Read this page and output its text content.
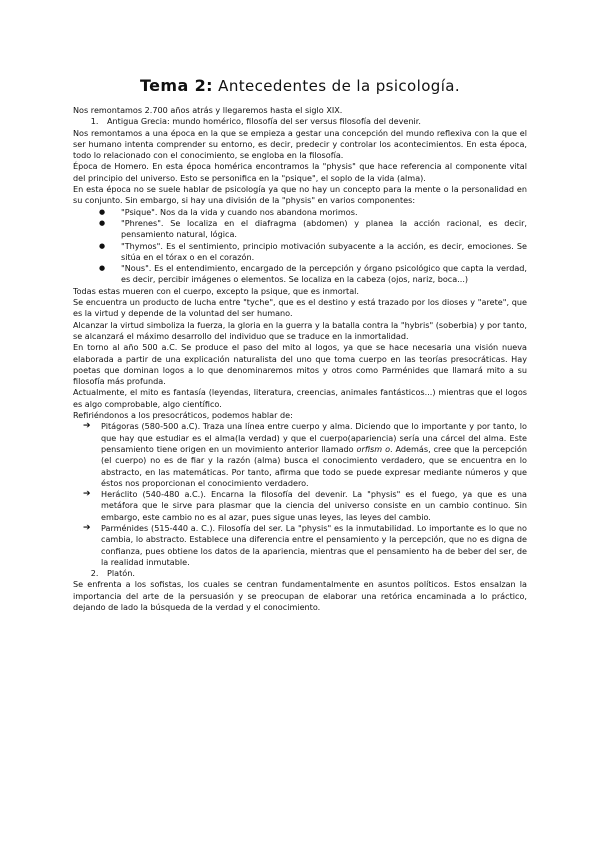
Tema 2: Antecedentes de la psicología.

Nos remontamos 2.700 años atrás y llegaremos hasta el siglo XIX.

1. Antigua Grecia: mundo homérico, filosofía del ser versus filosofía del devenir.

Nos remontamos a una época en la que se empieza a gestar una concepción del mundo reflexiva con la que el ser humano intenta comprender su entorno, es decir, predecir y controlar los acontecimientos. En esta época, todo lo relacionado con el conocimiento, se engloba en la filosofía.

Época de Homero. En esta época homérica encontramos la "physis" que hace referencia al componente vital del principio del universo. Esto se personifica en la "psique", el soplo de la vida (alma).

En esta época no se suele hablar de psicología ya que no hay un concepto para la mente o la personalidad en su conjunto. Sin embargo, si hay una división de la "physis" en varios componentes:

● "Psique". Nos da la vida y cuando nos abandona morimos.
● "Phrenes". Se localiza en el diafragma (abdomen) y planea la acción racional, es decir, pensamiento natural, lógica.
● "Thymos". Es el sentimiento, principio motivación subyacente a la acción, es decir, emociones. Se sitúa en el tórax o en el corazón.
● "Nous". Es el entendimiento, encargado de la percepción y órgano psicológico que capta la verdad, es decir, percibir imágenes o elementos. Se localiza en la cabeza (ojos, nariz, boca...)

Todas estas mueren con el cuerpo, excepto la psique, que es inmortal.

Se encuentra un producto de lucha entre "tyche", que es el destino y está trazado por los dioses y "arete", que es la virtud y depende de la voluntad del ser humano.

Alcanzar la virtud simboliza la fuerza, la gloria en la guerra y la batalla contra la "hybris" (soberbia) y por tanto, se alcanzará el máximo desarrollo del individuo que se traduce en la inmortalidad.

En torno al año 500 a.C. Se produce el paso del mito al logos, ya que se hace necesaria una visión nueva elaborada a partir de una explicación naturalista del uno que toma cuerpo en las teorías presocráticas. Hay poetas que dominan logos a lo que denominaremos mitos y otros como Parménides que llamará mito a su filosofía más profunda.

Actualmente, el mito es fantasía (leyendas, literatura, creencias, animales fantásticos...) mientras que el logos es algo comprobable, algo científico.

Refiriéndonos a los presocráticos, podemos hablar de:

➔ Pitágoras (580-500 a.C). Traza una línea entre cuerpo y alma. Diciendo que lo importante y por tanto, lo que hay que estudiar es el alma(la verdad) y que el cuerpo(apariencia) sería una cárcel del alma. Este pensamiento tiene origen en un movimiento anterior llamado orfism o. Además, cree que la percepción (el cuerpo) no es de fiar y la razón (alma) busca el conocimiento verdadero, que se encuentra en lo abstracto, en las matemáticas. Por tanto, afirma que todo se puede expresar mediante números y que éstos nos proporcionan el conocimiento verdadero.
➔ Heráclito (540-480 a.C.). Encarna la filosofía del devenir. La "physis" es el fuego, ya que es una metáfora que le sirve para plasmar que la ciencia del universo consiste en un cambio continuo. Sin embargo, este cambio no es al azar, pues sigue unas leyes, las leyes del cambio.
➔ Parménides (515-440 a. C.). Filosofía del ser. La "physis" es la inmutabilidad. Lo importante es lo que no cambia, lo abstracto. Establece una diferencia entre el pensamiento y la percepción, que no es digna de confianza, pues obtiene los datos de la apariencia, mientras que el pensamiento ha de beber del ser, de la realidad inmutable.
2. Platón.

Se enfrenta a los sofistas, los cuales se centran fundamentalmente en asuntos políticos. Estos ensalzan la importancia del arte de la persuasión y se preocupan de elaborar una retórica encaminada a lo práctico, dejando de lado la búsqueda de la verdad y el conocimiento.
